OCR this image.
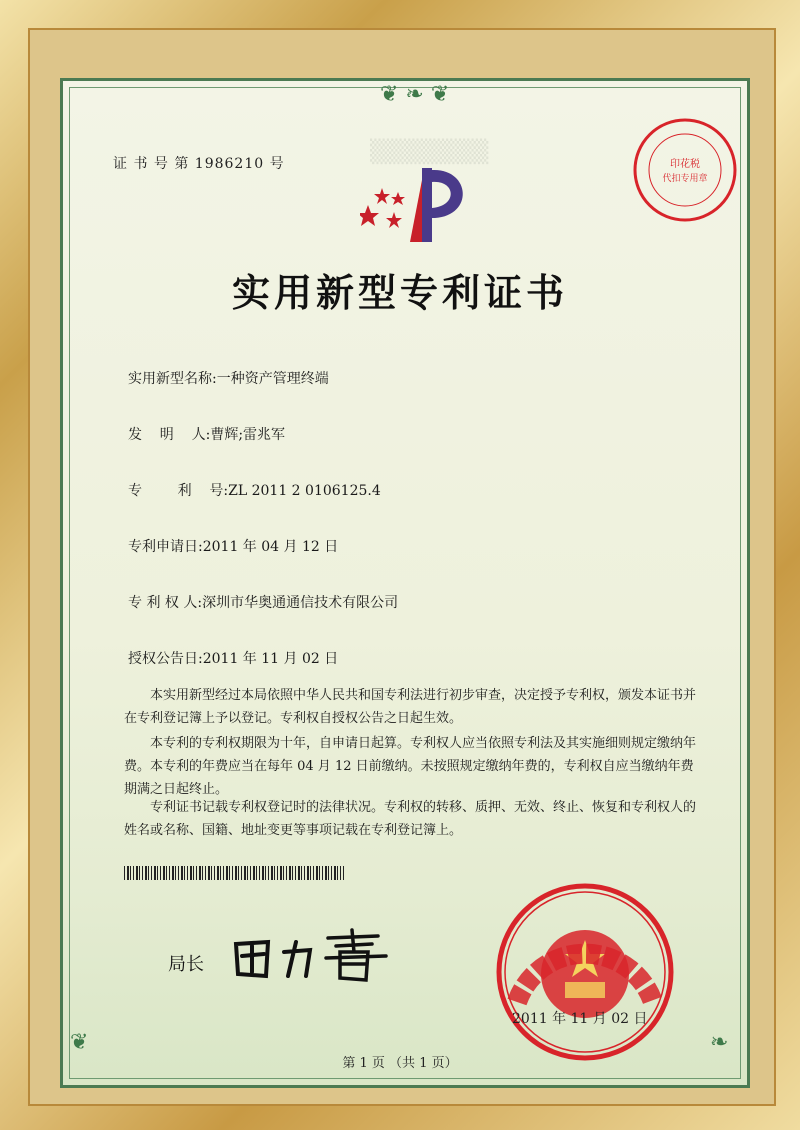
❦ ❧ ❦
❦	❧
▒▒▒▒▒▒▒
证 书 号 第 1986210 号
实用新型专利证书
实用新型名称:一种资产管理终端
发    明    人:曹辉;雷兆军
专        利    号:ZL 2011 2 0106125.4
专利申请日:2011 年 04 月 12 日
专 利 权 人:深圳市华奥通通信技术有限公司
授权公告日:2011 年 11 月 02 日
本实用新型经过本局依照中华人民共和国专利法进行初步审查，决定授予专利权，颁发本证书并在专利登记簿上予以登记。专利权自授权公告之日起生效。
本专利的专利权期限为十年，自申请日起算。专利权人应当依照专利法及其实施细则规定缴纳年费。本专利的年费应当在每年 04 月 12 日前缴纳。未按照规定缴纳年费的，专利权自应当缴纳年费期满之日起终止。
专利证书记载专利权登记时的法律状况。专利权的转移、质押、无效、终止、恢复和专利权人的姓名或名称、国籍、地址变更等事项记载在专利登记簿上。
局长
2011 年 11 月 02 日
印花税
代扣专用章
第 1 页 （共 1 页）
